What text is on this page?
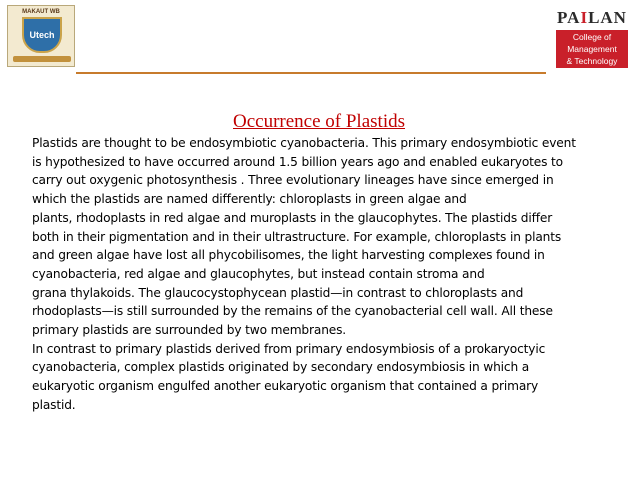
MAKAUT WB
Utech
PAILAN
College of
Management
& Technology
Occurrence of Plastids
Plastids are thought to be endosymbiotic cyanobacteria. This primary endosymbiotic event
is hypothesized to have occurred around 1.5 billion years ago and enabled eukaryotes to
carry out oxygenic photosynthesis . Three evolutionary lineages have since emerged in
which the plastids are named differently: chloroplasts in green algae and
plants, rhodoplasts in red algae and muroplasts in the glaucophytes. The plastids differ
both in their pigmentation and in their ultrastructure. For example, chloroplasts in plants
and green algae have lost all phycobilisomes, the light harvesting complexes found in
cyanobacteria, red algae and glaucophytes, but instead contain stroma and
grana thylakoids. The glaucocystophycean plastid—in contrast to chloroplasts and
rhodoplasts—is still surrounded by the remains of the cyanobacterial cell wall. All these
primary plastids are surrounded by two membranes.
In contrast to primary plastids derived from primary endosymbiosis of a prokaryoctyic
cyanobacteria, complex plastids originated by secondary endosymbiosis in which a
eukaryotic organism engulfed another eukaryotic organism that contained a primary
plastid.
